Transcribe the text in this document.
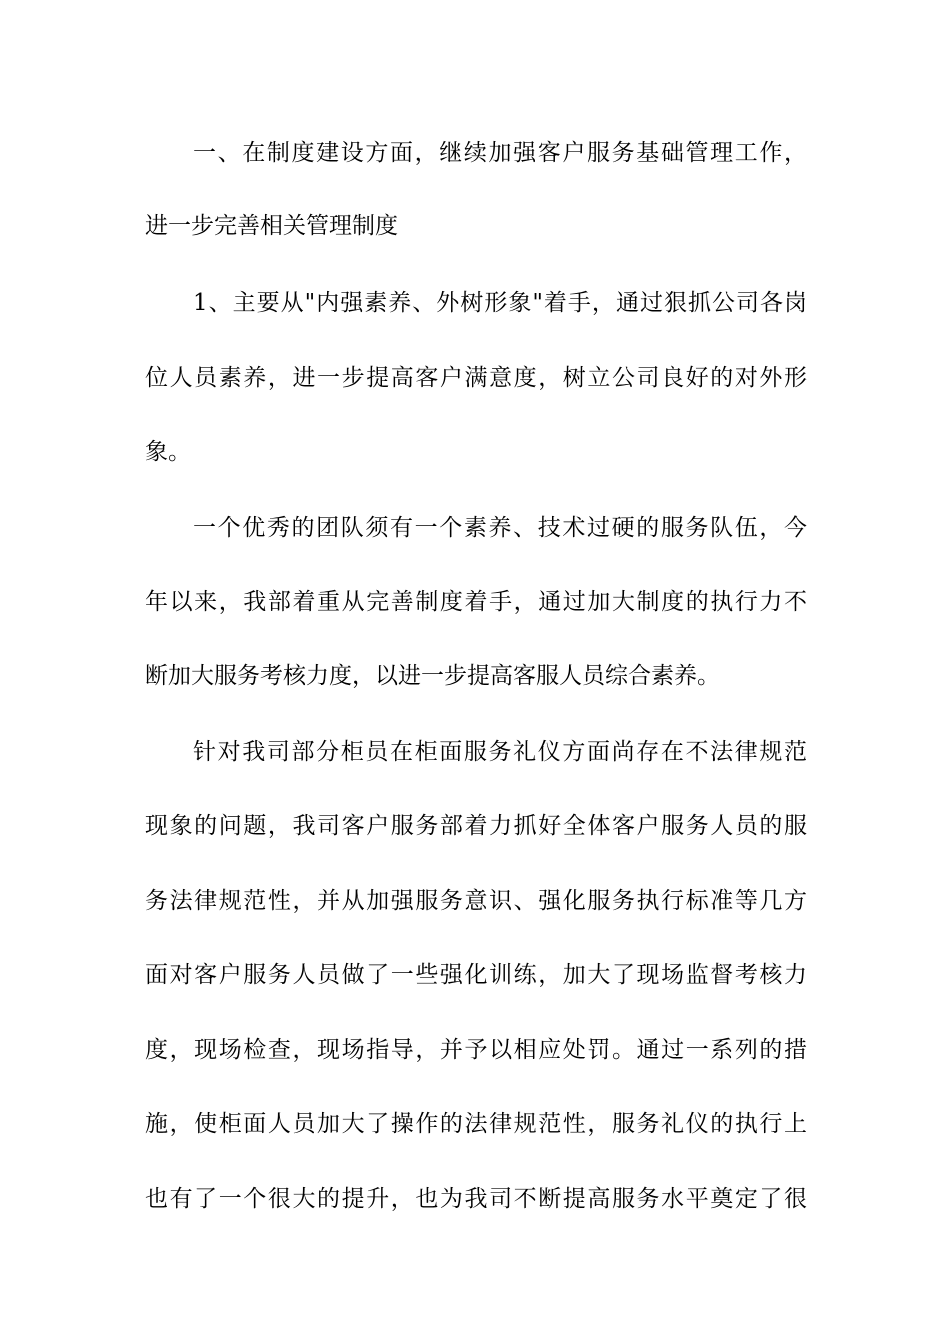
一、在制度建设方面，继续加强客户服务基础管理工作，
进一步完善相关管理制度
1、主要从"内强素养、外树形象"着手，通过狠抓公司各岗
位人员素养，进一步提高客户满意度，树立公司良好的对外形
象。
一个优秀的团队须有一个素养、技术过硬的服务队伍，今
年以来，我部着重从完善制度着手，通过加大制度的执行力不
断加大服务考核力度，以进一步提高客服人员综合素养。
针对我司部分柜员在柜面服务礼仪方面尚存在不法律规范
现象的问题，我司客户服务部着力抓好全体客户服务人员的服
务法律规范性，并从加强服务意识、强化服务执行标准等几方
面对客户服务人员做了一些强化训练，加大了现场监督考核力
度，现场检查，现场指导，并予以相应处罚。通过一系列的措
施，使柜面人员加大了操作的法律规范性，服务礼仪的执行上
也有了一个很大的提升，也为我司不断提高服务水平奠定了很
